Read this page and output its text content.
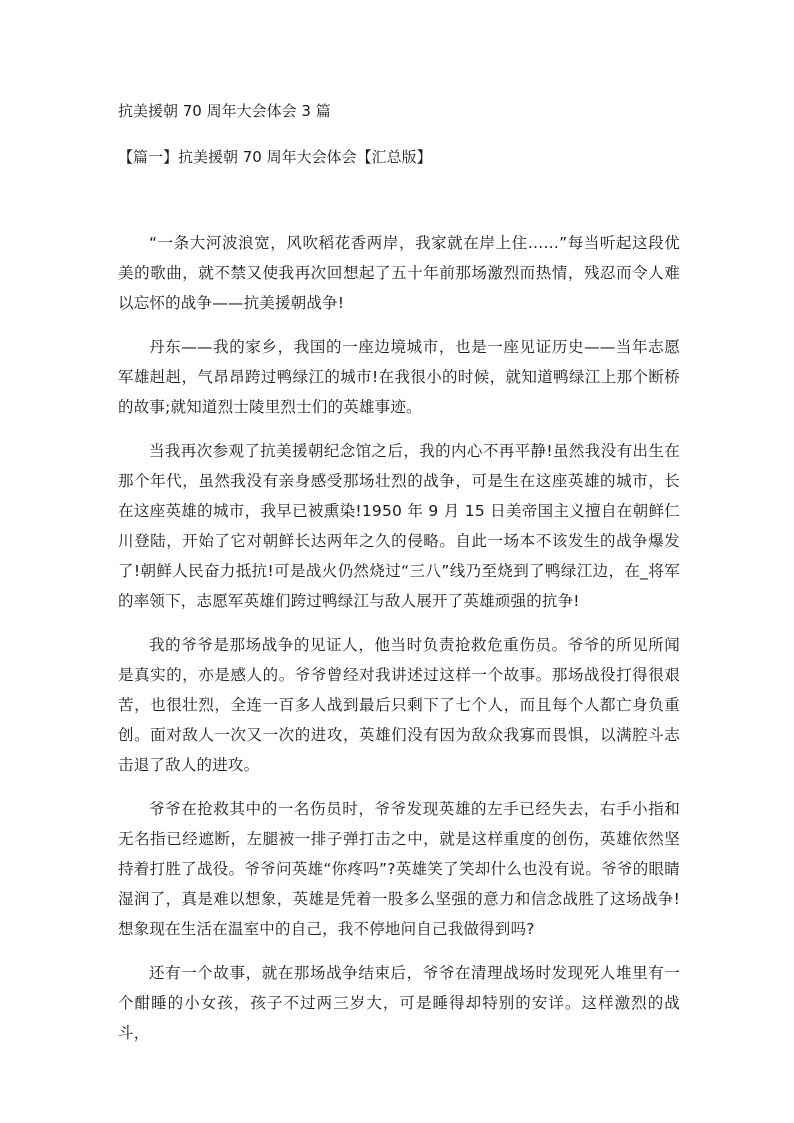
抗美援朝 70 周年大会体会 3 篇
【篇一】抗美援朝 70 周年大会体会【汇总版】

“一条大河波浪宽，风吹稻花香两岸，我家就在岸上住……”每当听起这段优美的歌曲，就不禁又使我再次回想起了五十年前那场激烈而热情，残忍而令人难以忘怀的战争——抗美援朝战争!

丹东——我的家乡，我国的一座边境城市，也是一座见证历史——当年志愿军雄赳赳，气昂昂跨过鸭绿江的城市!在我很小的时候，就知道鸭绿江上那个断桥的故事;就知道烈士陵里烈士们的英雄事迹。

当我再次参观了抗美援朝纪念馆之后，我的内心不再平静!虽然我没有出生在那个年代，虽然我没有亲身感受那场壮烈的战争，可是生在这座英雄的城市，长在这座英雄的城市，我早已被熏染!1950 年 9 月 15 日美帝国主义擅自在朝鲜仁川登陆，开始了它对朝鲜长达两年之久的侵略。自此一场本不该发生的战争爆发了!朝鲜人民奋力抵抗!可是战火仍然烧过“三八”线乃至烧到了鸭绿江边，在_将军的率领下，志愿军英雄们跨过鸭绿江与敌人展开了英雄顽强的抗争!

我的爷爷是那场战争的见证人，他当时负责抢救危重伤员。爷爷的所见所闻是真实的，亦是感人的。爷爷曾经对我讲述过这样一个故事。那场战役打得很艰苦，也很壮烈，全连一百多人战到最后只剩下了七个人，而且每个人都亡身负重创。面对敌人一次又一次的进攻，英雄们没有因为敌众我寡而畏惧，以满腔斗志击退了敌人的进攻。

爷爷在抢救其中的一名伤员时，爷爷发现英雄的左手已经失去，右手小指和无名指已经遮断，左腿被一排子弹打击之中，就是这样重度的创伤，英雄依然坚持着打胜了战役。爷爷问英雄“你疼吗”?英雄笑了笑却什么也没有说。爷爷的眼睛湿润了，真是难以想象，英雄是凭着一股多么坚强的意力和信念战胜了这场战争!想象现在生活在温室中的自己，我不停地问自己我做得到吗?

还有一个故事，就在那场战争结束后，爷爷在清理战场时发现死人堆里有一个酣睡的小女孩，孩子不过两三岁大，可是睡得却特别的安详。这样激烈的战斗，
